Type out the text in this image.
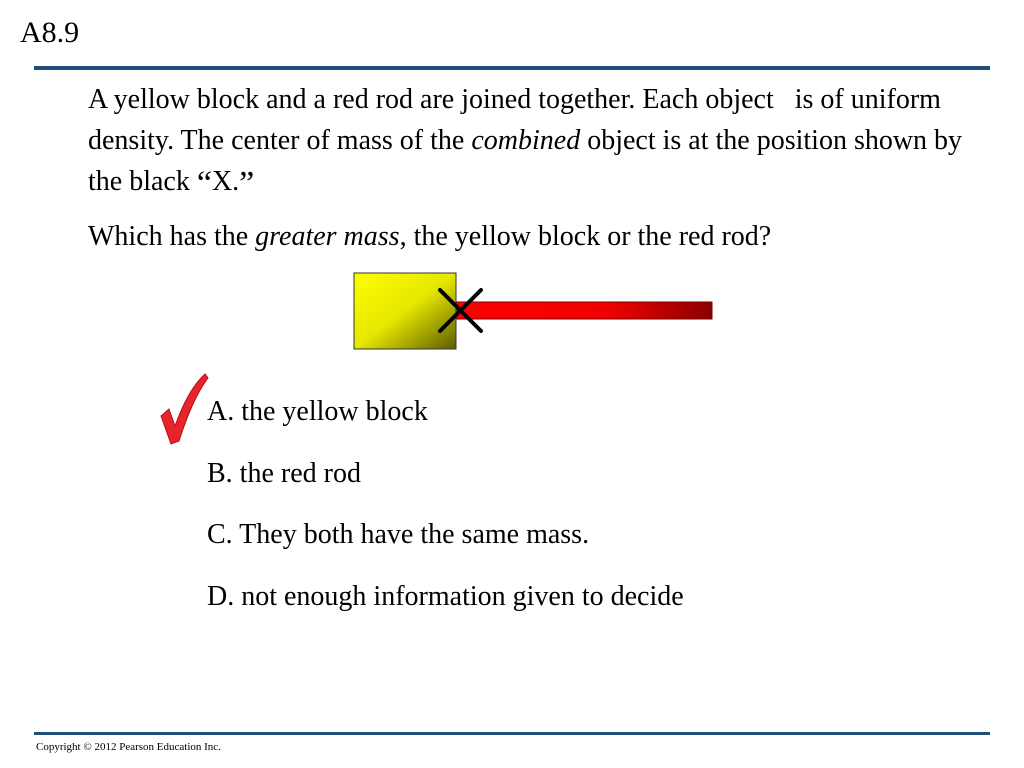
A8.9

A yellow block and a red rod are joined together. Each object   is of uniform density. The center of mass of the combined object is at the position shown by the black “X.”

Which has the greater mass, the yellow block or the red rod?

A. the yellow block
B. the red rod
C. They both have the same mass.
D. not enough information given to decide
Copyright © 2012 Pearson Education Inc.
